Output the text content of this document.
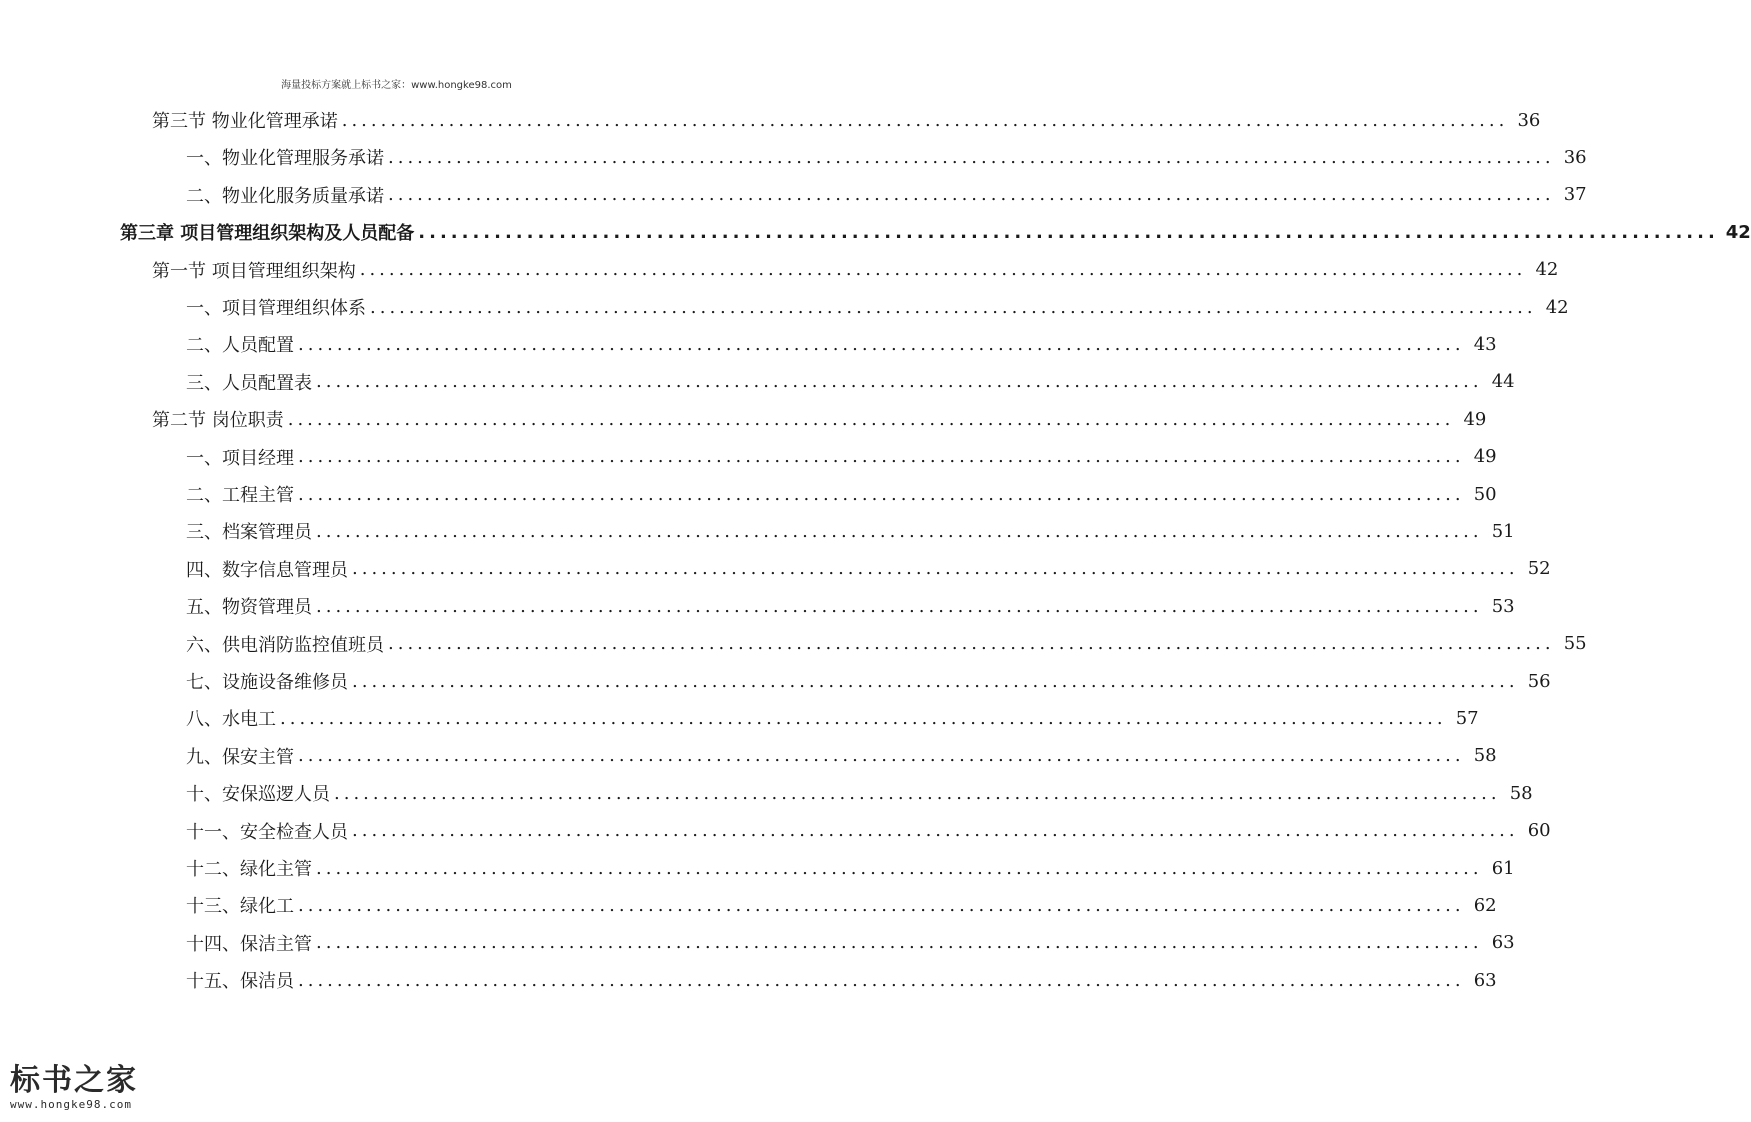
海量投标方案就上标书之家：www.hongke98.com
第三节 物业化管理承诺 ........................................................................................................................ 36
一、物业化管理服务承诺 ........................................................................................................................ 36
二、物业化服务质量承诺 ........................................................................................................................ 37
第三章 项目管理组织架构及人员配备 ........................................................................................................................ 42
第一节 项目管理组织架构 ........................................................................................................................ 42
一、项目管理组织体系 ........................................................................................................................ 42
二、人员配置 ........................................................................................................................ 43
三、人员配置表 ........................................................................................................................ 44
第二节 岗位职责 ........................................................................................................................ 49
一、项目经理 ........................................................................................................................ 49
二、工程主管 ........................................................................................................................ 50
三、档案管理员 ........................................................................................................................ 51
四、数字信息管理员 ........................................................................................................................ 52
五、物资管理员 ........................................................................................................................ 53
六、供电消防监控值班员 ........................................................................................................................ 55
七、设施设备维修员 ........................................................................................................................ 56
八、水电工 ........................................................................................................................ 57
九、保安主管 ........................................................................................................................ 58
十、安保巡逻人员 ........................................................................................................................ 58
十一、安全检查人员 ........................................................................................................................ 60
十二、绿化主管 ........................................................................................................................ 61
十三、绿化工 ........................................................................................................................ 62
十四、保洁主管 ........................................................................................................................ 63
十五、保洁员 ........................................................................................................................ 63
标书之家
www.hongke98.com
